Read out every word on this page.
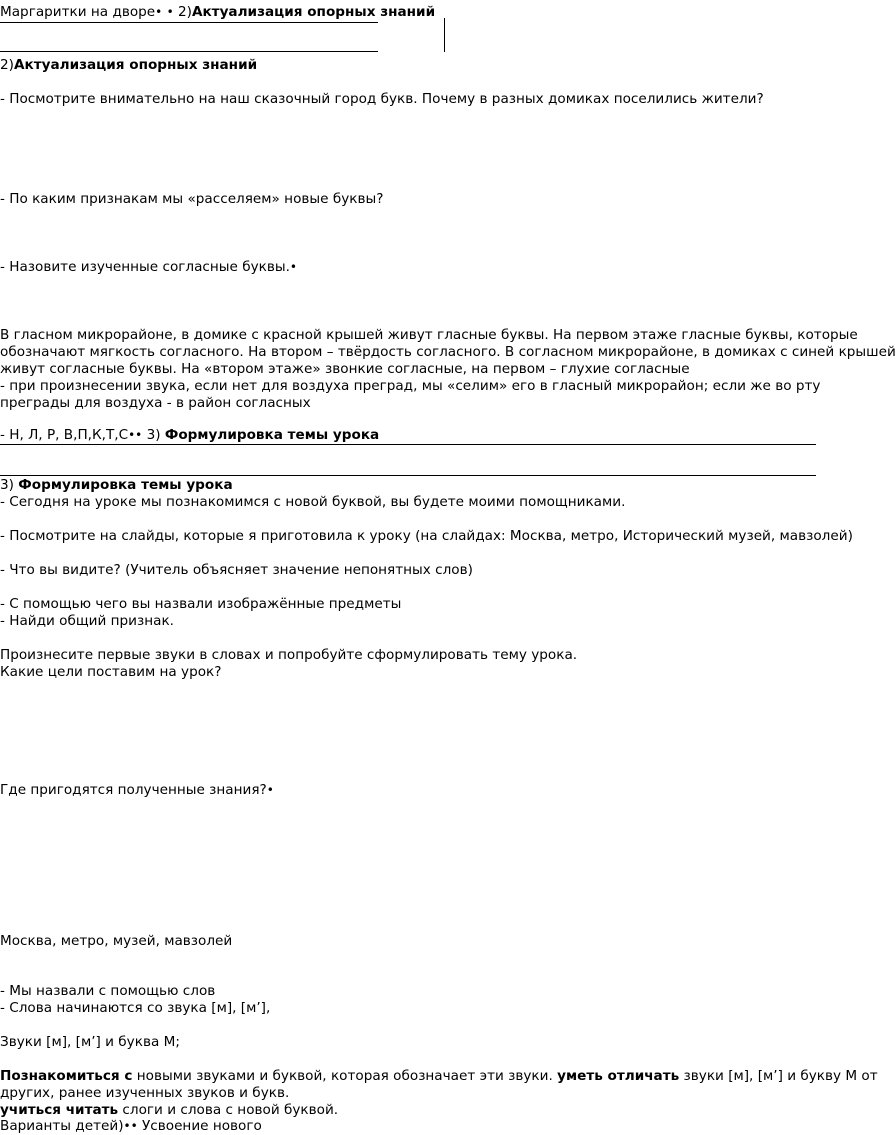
Маргаритки на дворе• • 2)Актуализация опорных знаний
2)Актуализация опорных знаний
- Посмотрите внимательно на наш сказочный город букв. Почему в разных домиках поселились жители?
- По каким признакам мы «расселяем» новые буквы?
- Назовите изученные согласные буквы.•
В гласном микрорайоне, в домике с красной крышей живут гласные буквы. На первом этаже гласные буквы, которые
обозначают мягкость согласного. На втором – твёрдость согласного. В согласном микрорайоне, в домиках с синей крышей
живут согласные буквы. На «втором этаже» звонкие согласные, на первом – глухие согласные
- при произнесении звука, если нет для воздуха преград, мы «селим» его в гласный микрорайон; если же во рту
преграды для воздуха - в район согласных
- Н, Л, Р, В,П,К,Т,С•• 3) Формулировка темы урока
3) Формулировка темы урока
- Сегодня на уроке мы познакомимся с новой буквой, вы будете моими помощниками.
- Посмотрите на слайды, которые я приготовила к уроку (на слайдах: Москва, метро, Исторический музей, мавзолей)
- Что вы видите? (Учитель объясняет значение непонятных слов)
- С помощью чего вы назвали изображённые предметы
- Найди общий признак.
Произнесите первые звуки в словах и попробуйте сформулировать тему урока.
Какие цели поставим на урок?
Где пригодятся полученные знания?•
Москва, метро, музей, мавзолей
- Мы назвали с помощью слов
- Слова начинаются со звука [м], [м’],
Звуки [м], [м’] и буква М;
Познакомиться с новыми звуками и буквой, которая обозначает эти звуки. уметь отличать звуки [м], [м’] и букву М от
других, ранее изученных звуков и букв.
учиться читать слоги и слова с новой буквой.
Варианты детей)•• Усвоение нового
